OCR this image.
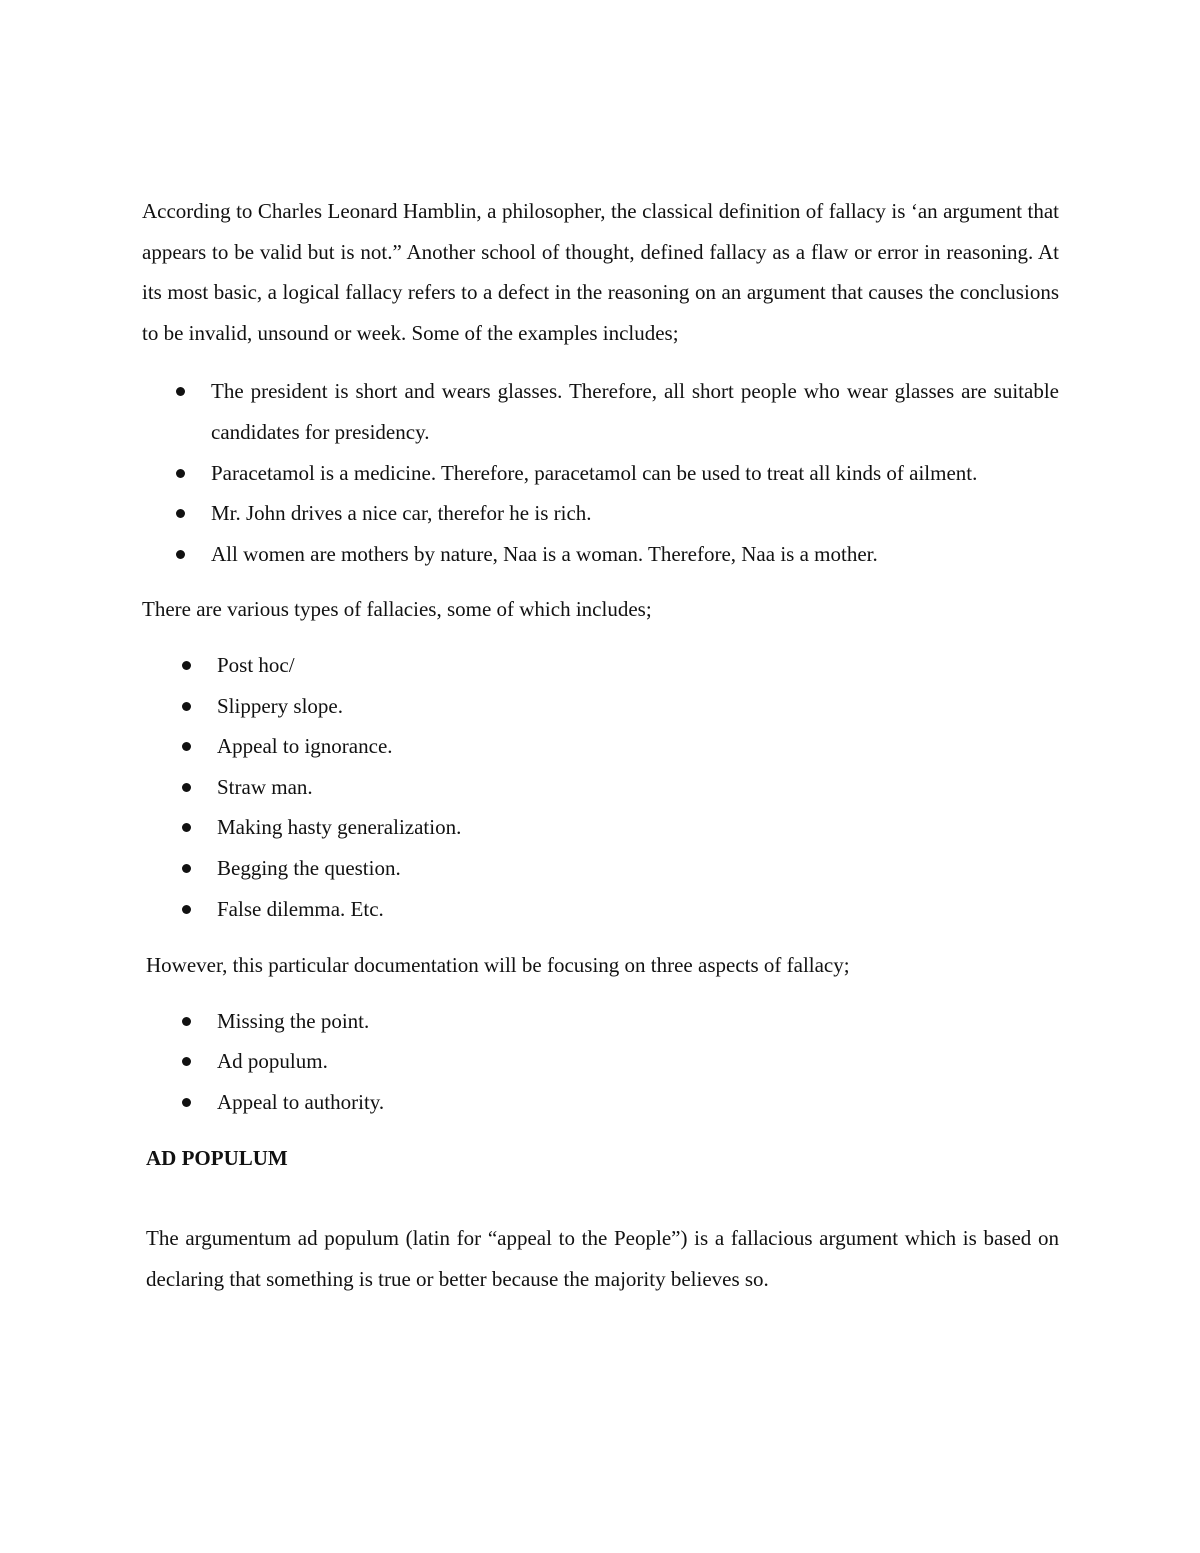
According to Charles Leonard Hamblin, a philosopher, the classical definition of fallacy is ‘an argument that appears to be valid but is not.” Another school of thought, defined fallacy as a flaw or error in reasoning. At its most basic, a logical fallacy refers to a defect in the reasoning on an argument that causes the conclusions to be invalid, unsound or week. Some of the examples includes;

The president is short and wears glasses. Therefore, all short people who wear glasses are suitable candidates for presidency.
Paracetamol is a medicine. Therefore, paracetamol can be used to treat all kinds of ailment.
Mr. John drives a nice car, therefor he is rich.
All women are mothers by nature, Naa is a woman. Therefore, Naa is a mother.

There are various types of fallacies, some of which includes;

Post hoc/
Slippery slope.
Appeal to ignorance.
Straw man.
Making hasty generalization.
Begging the question.
False dilemma. Etc.

However, this particular documentation will be focusing on three aspects of fallacy;

Missing the point.
Ad populum.
Appeal to authority.
AD POPULUM

The argumentum ad populum (latin for “appeal to the People”) is a fallacious argument which is based on declaring that something is true or better because the majority believes so.
